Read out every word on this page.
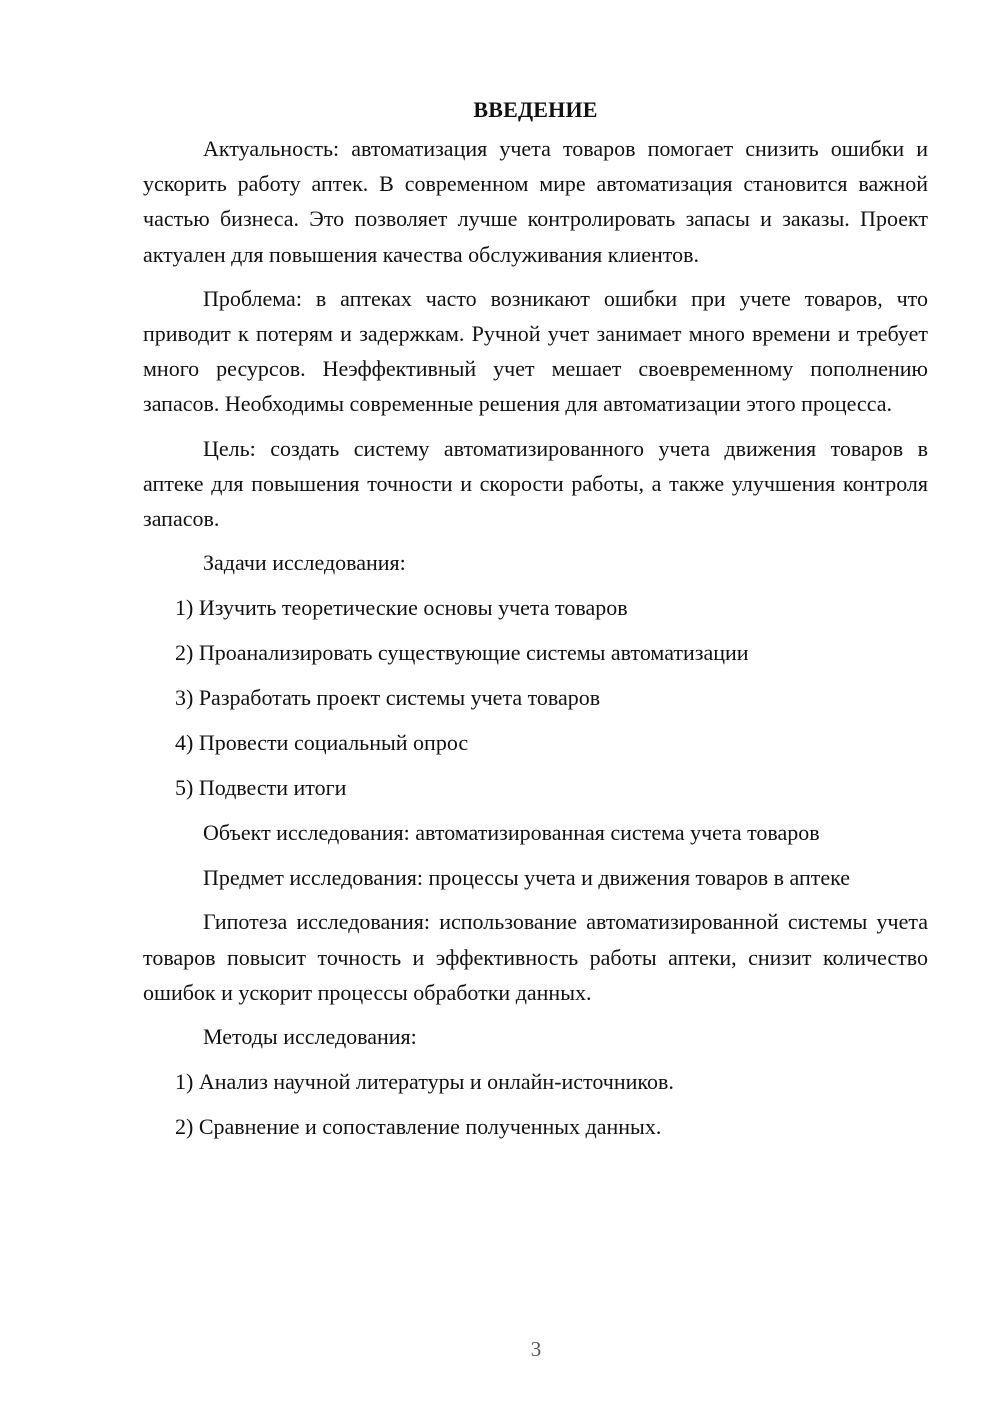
ВВЕДЕНИЕ

Актуальность: автоматизация учета товаров помогает снизить ошибки и ускорить работу аптек. В современном мире автоматизация становится важной частью бизнеса. Это позволяет лучше контролировать запасы и заказы. Проект актуален для повышения качества обслуживания клиентов.

Проблема: в аптеках часто возникают ошибки при учете товаров, что приводит к потерям и задержкам. Ручной учет занимает много времени и требует много ресурсов. Неэффективный учет мешает своевременному пополнению запасов. Необходимы современные решения для автоматизации этого процесса.

Цель: создать систему автоматизированного учета движения товаров в аптеке для повышения точности и скорости работы, а также улучшения контроля запасов.

Задачи исследования:
1) Изучить теоретические основы учета товаров
2) Проанализировать существующие системы автоматизации
3) Разработать проект системы учета товаров
4) Провести социальный опрос
5) Подвести итоги
Объект исследования: автоматизированная система учета товаров

Предмет исследования: процессы учета и движения товаров в аптеке

Гипотеза исследования: использование автоматизированной системы учета товаров повысит точность и эффективность работы аптеки, снизит количество ошибок и ускорит процессы обработки данных.

Методы исследования:
1) Анализ научной литературы и онлайн-источников.
2) Сравнение и сопоставление полученных данных.
3
